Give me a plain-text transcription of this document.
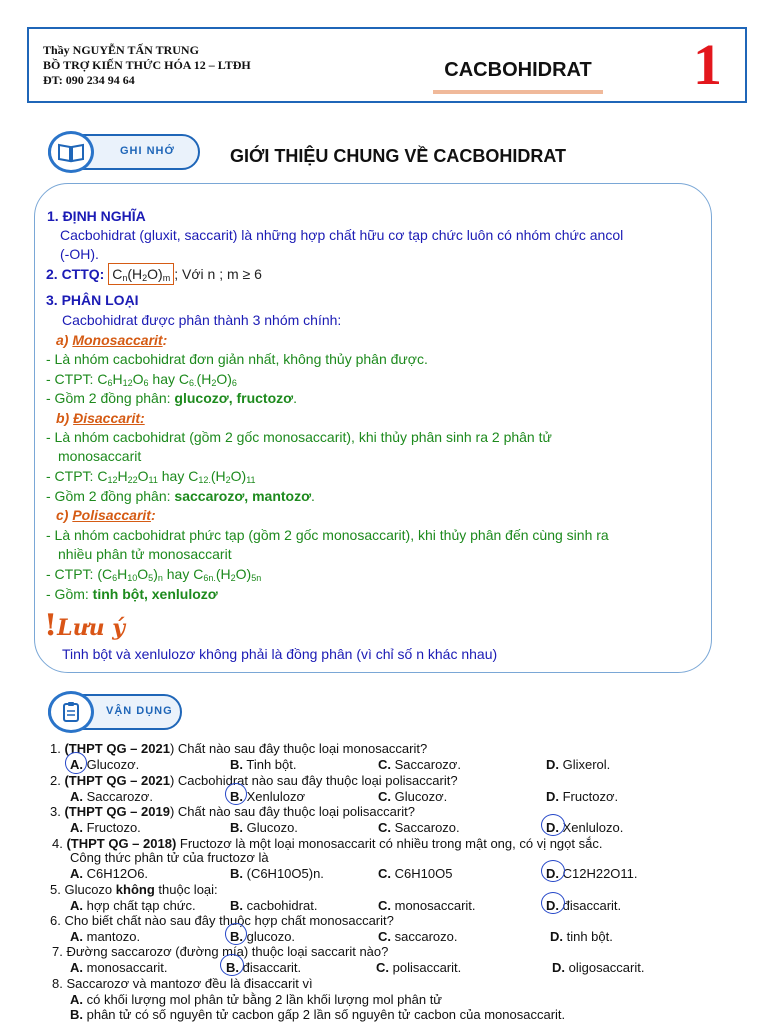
Thầy NGUYỄN TẤN TRUNG
BỒ TRỢ KIẾN THỨC HÓA 12 – LTĐH
ĐT: 090 234 94 64	CACBOHIDRAT 1
GHI NHỚ	GIỚI THIỆU CHUNG VỀ CACBOHIDRAT
1. ĐỊNH NGHĨA
Cacbohidrat (gluxit, saccarit) là những hợp chất hữu cơ tạp chức luôn có nhóm chức ancol
(-OH).
2. CTTQ: $C_n(H_2O)_m$ ; Với n ; m ≥ 6
3. PHÂN LOẠI
Cacbohidrat được phân thành 3 nhóm chính:
a) Monosaccarit:
- Là nhóm cacbohidrat đơn giản nhất, không thủy phân được.
- CTPT: $C_6H_{12}O_6$ hay $C_{6.}(H_2O)_6$
- Gồm 2 đồng phân: glucozơ, fructozơ.
b) Đisaccarit:
- Là nhóm cacbohidrat (gồm 2 gốc monosaccarit), khi thủy phân sinh ra 2 phân tử
monosaccarit
- CTPT: $C_{12}H_{22}O_{11}$ hay $C_{12.}(H_2O)_{11}$
- Gồm 2 đồng phân: saccarozơ, mantozơ.
c) Polisaccarit:
- Là nhóm cacbohidrat phức tạp (gồm 2 gốc monosaccarit), khi thủy phân đến cùng sinh ra
nhiều phân tử monosaccarit
- CTPT: $(C_6H_{10}O_5)_n$ hay $C_{6n.}(H_2O)_{5n}$
- Gồm: tinh bột, xenlulozơ
!Lưu ý
Tinh bột và xenlulozơ không phải là đồng phân (vì chỉ số n khác nhau)
VẬN DỤNG
1. (THPT QG – 2021) Chất nào sau đây thuộc loại monosaccarit?
A. Glucozơ.	B. Tinh bột.	C. Saccarozơ.	D. Glixerol.
2. (THPT QG – 2021) Cacbohidrat nào sau đây thuộc loại polisaccarit?
A. Saccarozơ.	B. Xenlulozơ	C. Glucozơ.	D. Fructozơ.
3. (THPT QG – 2019) Chất nào sau đây thuộc loại polisaccarit?
A. Fructozo.	B. Glucozo.	C. Saccarozo.	D. Xenlulozo.
4. (THPT QG – 2018) Fructozơ là một loại monosaccarit có nhiều trong mật ong, có vị ngọt sắc.
Công thức phân tử của fructozơ là
A. C6H12O6.	B. (C6H10O5)n.	C. C6H10O5	D. C12H22O11.
5. Glucozo không thuộc loại:
A. hợp chất tạp chức.	B. cacbohidrat.	C. monosaccarit.	D. đisaccarit.
6. Cho biết chất nào sau đây thuộc hợp chất monosaccarit?
A. mantozo.	B. glucozo.	C. saccarozo.	D. tinh bột.
7. Đường saccarozơ (đường mía) thuộc loại saccarit nào?
A. monosaccarit.	B. đisaccarit.	C. polisaccarit.	D. oligosaccarit.
8. Saccarozơ và mantozơ đều là đisaccarit vì
A. có khối lượng mol phân tử bằng 2 lần khối lượng mol phân tử
B. phân tử có số nguyên tử cacbon gấp 2 lần số nguyên tử cacbon của monosaccarit.
